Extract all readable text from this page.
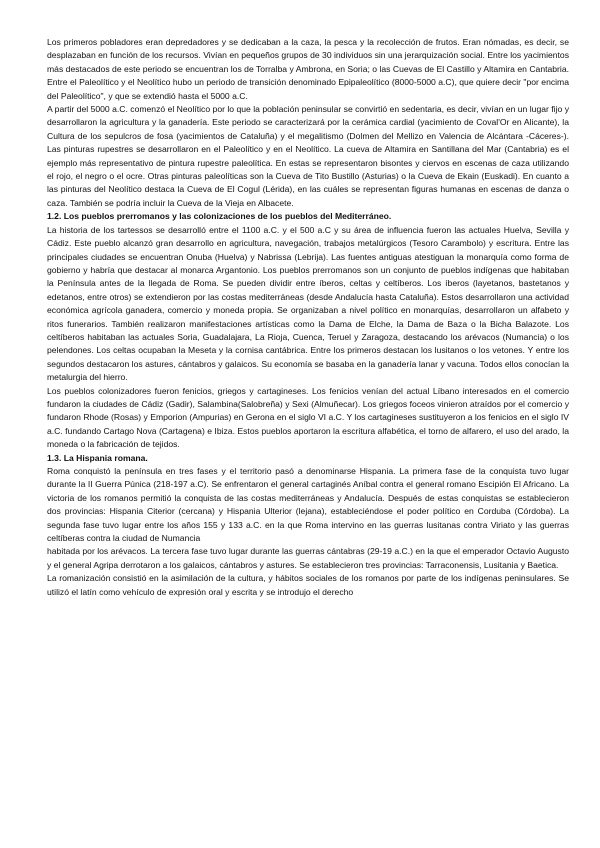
Los primeros pobladores eran depredadores y se dedicaban a la caza, la pesca y la recolección de frutos. Eran nómadas, es decir, se desplazaban en función de los recursos. Vivían en pequeños grupos de 30 individuos sin una jerarquización social. Entre los yacimientos más destacados de este periodo se encuentran los de Torralba y Ambrona, en Soria; o las Cuevas de El Castillo y Altamira en Cantabria. Entre el Paleolítico y el Neolítico hubo un periodo de transición denominado Epipaleolítico (8000-5000 a.C), que quiere decir "por encima del Paleolítico", y que se extendió hasta el 5000 a.C.

A partir del 5000 a.C. comenzó el Neolítico por lo que la población peninsular se convirtió en sedentaria, es decir, vivían en un lugar fijo y desarrollaron la agricultura y la ganadería. Este periodo se caracterizará por la cerámica cardial (yacimiento de Coval'Or en Alicante), la Cultura de los sepulcros de fosa (yacimientos de Cataluña) y el megalitismo (Dolmen del Mellizo en Valencia de Alcántara -Cáceres-). Las pinturas rupestres se desarrollaron en el Paleolítico y en el Neolítico. La cueva de Altamira en Santillana del Mar (Cantabria) es el ejemplo más representativo de pintura rupestre paleolítica. En estas se representaron bisontes y ciervos en escenas de caza utilizando el rojo, el negro o el ocre. Otras pinturas paleolíticas son la Cueva de Tito Bustillo (Asturias) o la Cueva de Ekain (Euskadi). En cuanto a las pinturas del Neolítico destaca la Cueva de El Cogul (Lérida), en las cuáles se representan figuras humanas en escenas de danza o caza. También se podría incluir la Cueva de la Vieja en Albacete.

1.2. Los pueblos prerromanos y las colonizaciones de los pueblos del Mediterráneo.

La historia de los tartessos se desarrolló entre el 1100 a.C. y el 500 a.C y su área de influencia fueron las actuales Huelva, Sevilla y Cádiz. Este pueblo alcanzó gran desarrollo en agricultura, navegación, trabajos metalúrgicos (Tesoro Carambolo) y escritura. Entre las principales ciudades se encuentran Onuba (Huelva) y Nabrissa (Lebrija). Las fuentes antiguas atestiguan la monarquía como forma de gobierno y habría que destacar al monarca Argantonio. Los pueblos prerromanos son un conjunto de pueblos indígenas que habitaban la Península antes de la llegada de Roma. Se pueden dividir entre íberos, celtas y celtíberos. Los íberos (layetanos, bastetanos y edetanos, entre otros) se extendieron por las costas mediterráneas (desde Andalucía hasta Cataluña). Estos desarrollaron una actividad económica agrícola ganadera, comercio y moneda propia. Se organizaban a nivel político en monarquías, desarrollaron un alfabeto y ritos funerarios. También realizaron manifestaciones artísticas como la Dama de Elche, la Dama de Baza o la Bicha Balazote. Los celtíberos habitaban las actuales Soria, Guadalajara, La Rioja, Cuenca, Teruel y Zaragoza, destacando los arévacos (Numancia) o los pelendones. Los celtas ocupaban la Meseta y la cornisa cantábrica. Entre los primeros destacan los lusitanos o los vetones. Y entre los segundos destacaron los astures, cántabros y galaicos. Su economía se basaba en la ganadería lanar y vacuna. Todos ellos conocían la metalurgia del hierro.

Los pueblos colonizadores fueron fenicios, griegos y cartagineses. Los fenicios venían del actual Líbano interesados en el comercio fundaron la ciudades de Cádiz (Gadir), Salambina(Salobreña) y Sexi (Almuñecar). Los griegos foceos vinieron atraídos por el comercio y fundaron Rhode (Rosas) y Emporion (Ampurias) en Gerona en el siglo VI a.C. Y los cartagineses sustituyeron a los fenicios en el siglo IV a.C. fundando Cartago Nova (Cartagena) e Ibiza. Estos pueblos aportaron la escritura alfabética, el torno de alfarero, el uso del arado, la moneda o la fabricación de tejidos.

1.3. La Hispania romana.

Roma conquistó la península en tres fases y el territorio pasó a denominarse Hispania. La primera fase de la conquista tuvo lugar durante la II Guerra Púnica (218-197 a.C). Se enfrentaron el general cartaginés Aníbal contra el general romano Escipión El Africano. La victoria de los romanos permitió la conquista de las costas mediterráneas y Andalucía. Después de estas conquistas se establecieron dos provincias: Hispania Citerior (cercana) y Hispania Ulterior (lejana), estableciéndose el poder político en Corduba (Córdoba). La segunda fase tuvo lugar entre los años 155 y 133 a.C. en la que Roma intervino en las guerras lusitanas contra Viriato y las guerras celtíberas contra la ciudad de Numancia

habitada por los arévacos. La tercera fase tuvo lugar durante las guerras cántabras (29-19 a.C.) en la que el emperador Octavio Augusto y el general Agripa derrotaron a los galaicos, cántabros y astures. Se establecieron tres provincias: Tarraconensis, Lusitania y Baetica.

La romanización consistió en la asimilación de la cultura, y hábitos sociales de los romanos por parte de los indígenas peninsulares. Se utilizó el latín como vehículo de expresión oral y escrita y se introdujo el derecho
